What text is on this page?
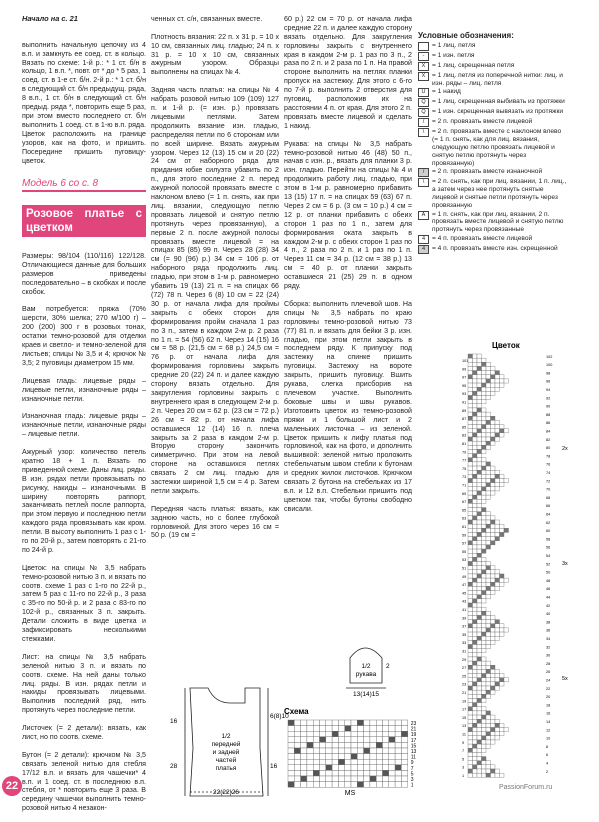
Начало на с. 21

выполнить начальную цепочку из 4 в.п. и замкнуть ее соед. ст. в кольцо. Вязать по схеме: 1-й р.: * 1 ст. б/н в кольцо, 1 в.п. *, повт. от * до * 5 раз, 1 соед. ст. в 1-е ст. б/н. 2-й р.: * 1 ст. б/н в следующий ст. б/н предыдущ. ряда, 8 в.п., 1 ст. б/н в следующий ст. б/н предыд. ряда *, повторить еще 5 раз, при этом вместо последнего ст. б/н выполнить 1 соед. ст. в 1-ю в.п. ряда. Цветок расположить на границе узоров, как на фото, и пришить. Посередине пришить пуговицу-цветок.

Модель 6 со с. 8

Розовое платье с цветком

Размеры: 98/104 (110/116) 122/128. Отличающиеся данные для больших размеров приведены последовательно – в скобках и после скобок.

Вам потребуется: пряжа (70% шерсти, 30% шелка; 270 м/100 г) – 200 (200) 300 г в розовых тонах, остатки темно-розовой для отделки краев и светло- и темно-зеленой для листьев; спицы № 3,5 и 4; крючок № 3,5; 2 пуговицы диаметром 15 мм.

Лицевая гладь: лицевые ряды – лицевые петли, изнаночные ряды – изнаночные петли.

Изнаночная гладь: лицевые ряды – изнаночные петли, изнаночные ряды – лицевые петли.

Ажурный узор: количество петель кратно 18 + 1 п. Вязать по приведенной схеме. Даны лиц. ряды. В изн. рядах петли провязывать по рисунку, накиды – изнаночными. В ширину повторять раппорт, заканчивать петлей после раппорта, при этом первую и последнюю петли каждого ряда провязывать как кром. петли. В высоту выполнить 1 раз с 1-го по 20-й р., затем повторять с 21-го по 24-й р.

Цветок: на спицы № 3,5 набрать темно-розовой нитью 3 п. и вязать по соотв. схеме 1 раз с 1-го по 22-й р., затем 5 раз с 11-го по 22-й р., 3 раза с 35-го по 50-й р. и 2 раза с 83-го по 102-й р., связанных 3 п. закрыть. Детали сложить в виде цветка и зафиксировать несколькими стежками.

Лист: на спицы № 3,5 набрать зеленой нитью 3 п. и вязать по соотв. схеме. На ней даны только лиц. ряды. В изн. рядах петли и накиды провязывать лицевыми. Выполнив последний ряд, нить протянуть через последние петли.

Листочек (= 2 детали): вязать, как лист, но по соотв. схеме.

Бутон (= 2 детали): крючком № 3,5 связать зеленой нитью для стебля 17/12 в.п. и вязать для чашечки* 4 в.п. и 1 соед. ст. в последнюю в.п. стебля, от * повторить еще 3 раза. В середину чашечки выполнить темно-розовой нитью 4 незакон-

ченных ст. с/н, связанных вместе.

Плотность вязания: 22 п. х 31 р. = 10 х 10 см, связанных лиц. гладью; 24 п. х 31 р. = 10 х 10 см, связанных ажурным узором. Образцы выполнены на спицах № 4.

Задняя часть платья: на спицы № 4 набрать розовой нитью 109 (109) 127 п. и 1-й р. (= изн. р.) провязать лицевыми петлями. Затем продолжить вязание изн. гладью, распределяя петли по 6 сторонам или по всей ширине. Вязать ажурным узором. Через 12 (13) 15 см и 20 (22) 24 см от наборного ряда для придания юбке силуэта убавить по 2 п., для этого последние 2 п. перед ажурной полосой провязать вместе с наклоном влево (= 1 п. снять, как при лиц. вязании, следующую петлю провязать лицевой и снятую петлю протянуть через провязанную), а первые 2 п. после ажурной полосы провязать вместе лицевой = на спицах 85 (85) 99 п. Через 28 (28) 34 см (= 90 (96) р.) 34 см = 106 р. от наборного ряда продолжить лиц. гладью, при этом в 1-м р. равномерно убавить 19 (13) 21 п. = на спицах 66 (72) 78 п. Через 6 (8) 10 см = 22 (24) 30 р. от начала лифа для проймы закрыть с обеих сторон для формирования пройм сначала 1 раз по 3 п., затем в каждом 2-м р. 2 раза по 1 п. = 54 (56) 62 п. Через 14 (15) 16 см = 58 р. (21,5 см = 68 р.) 24,5 см = 76 р. от начала лифа для формирования горловины закрыть средние 20 (22) 24 п. и далее каждую сторону вязать отдельно. Для закругления горловины закрыть с внутреннего края в следующем 2-м р. 2 п. Через 20 см = 62 р. (23 см = 72 р.) 26 см = 82 р. от начала лифа оставшиеся 12 (14) 16 п. плеча закрыть за 2 раза в каждом 2-м р. Вторую сторону закончить симметрично. При этом на левой стороне на оставшихся петлях связать 2 см лиц. гладью для застежки шириной 1,5 см = 4 р. Затем петли закрыть.

Передняя часть платья: вязать, как заднюю часть, но с более глубокой горловиной. Для этого через 16 см = 50 р. (19 см =

60 р.) 22 см = 70 р. от начала лифа средние 22 п. и далее каждую сторону вязать отдельно. Для закругления горловины закрыть с внутреннего края в каждом 2-м р. 1 раз по 3 п., 2 раза по 2 п. и 2 раза по 1 п. На правой стороне выполнить на петлях планки пропуск на застежку. Для этого с 6-го по 7-й р. выполнить 2 отверстия для пуговиц, расположив их на расстоянии 4 п. от края. Для этого 2 п. провязать вместе лицевой и сделать 1 накид.

Рукава: на спицы № 3,5 набрать темно-розовой нитью 46 (48) 50 п., начав с изн. р., вязать для планки 3 р. изн. гладью. Перейти на спицы № 4 и продолжить работу лиц. гладью, при этом в 1-м р. равномерно прибавить 13 (15) 17 п. = на спицах 59 (63) 67 п. Через 2 см = 6 р. (3 см = 10 р.) 4 см = 12 р. от планки прибавить с обеих сторон 1 раз по 1 п., затем для формирования оката закрыть в каждом 2-м р. с обеих сторон 1 раз по 4 п., 2 раза по 2 п. и 1 раз по 1 п. Через 11 см = 34 р. (12 см = 38 р.) 13 см = 40 р. от планки закрыть оставшиеся 21 (25) 29 п. в одном ряду.

Сборка: выполнить плечевой шов. На спицы № 3,5 набрать по краю горловины темно-розовой нитью 73 (77) 81 п. и вязать для бейки 3 р. изн. гладью, при этом петли закрыть в последнем ряду. К припуску под застежку на спинке пришить пуговицы. Застежку на вороте закрыть, пришить пуговицу. Вшить рукава, слегка присборив на плечевом участке. Выполнить боковые швы и швы рукавов. Изготовить цветок из темно-розовой пряжи и 1 большой лист и 2 маленьких листочка – из зеленой. Цветок пришить к лифу платья под горловиной, как на фото, и дополнить вышивкой: зеленой нитью проложить стебельчатым швом стебли к бутонам и средних жилок листочков. Крючком связать 2 бутона на стебельках из 17 в.п. и 12 в.п. Стебельки пришить под цветком так, чтобы бутоны свободно свисали.

Условные обозначения:
= 1 лиц. петля
-	= 1 изн. петля
X	= 1 лиц. скрещенная петля
X	= 1 лиц. петля из поперечной нитки: лиц. и изн. ряды – лиц. петля
U = 1 накид
Q = 1 лиц. скрещенная выбивать из протяжки
Q = 1 изн. скрещенная вывязать из протяжки
/	= 2 п. провязать вместе лицевой
\	= 2 п. провязать вместе с наклоном влево (= 1 п. снять, как для лиц. вязания, следующую петлю провязать лицевой и снятую петлю протянуть через провязанную)
/	= 2 п. провязать вместе изнаночной
\	= 2 п. снять, как при лиц. вязании, 1 п. лиц., а затем через нее протянуть снятые лицевой и снятые петли протянуть через провязанную
A	= 1 п. снять, как при лиц. вязании, 2 п. провязать вместе лицевой и снятую петлю протянуть через провязанные
4	= 4 п. провязать вместе лицевой
4	= 4 п. провязать вместе изн. скрещенной
1/2 передней и задней частей платья
1/2 рукава
22(22)26
13(14)15
16
28
6(8)10
16
2
Схема
23
21
19
17
15
13
11
9
7
5
3
1
MS
Цветок
102
101
100
99
98
97
96
95
94
93
92
91
90
89
88
87
86
85
84
83
82
81
80
79
78
77
76
75
74
73
72
71
70
69
68
67
66
65
64
63
62
61
60
59
58
57
56
55
54
53
52
51
50
49
48
47
46
45
44
43
42
41
40
39
38
37
36
35
34
33
32
31
30
29
28
27
26
25
24
23
22
21
20
19
18
17
16
15
14
13
12
11
10
9
8
7
6
5
4
3
2
1
2x
3x
5x
22	PassionForum.ru
